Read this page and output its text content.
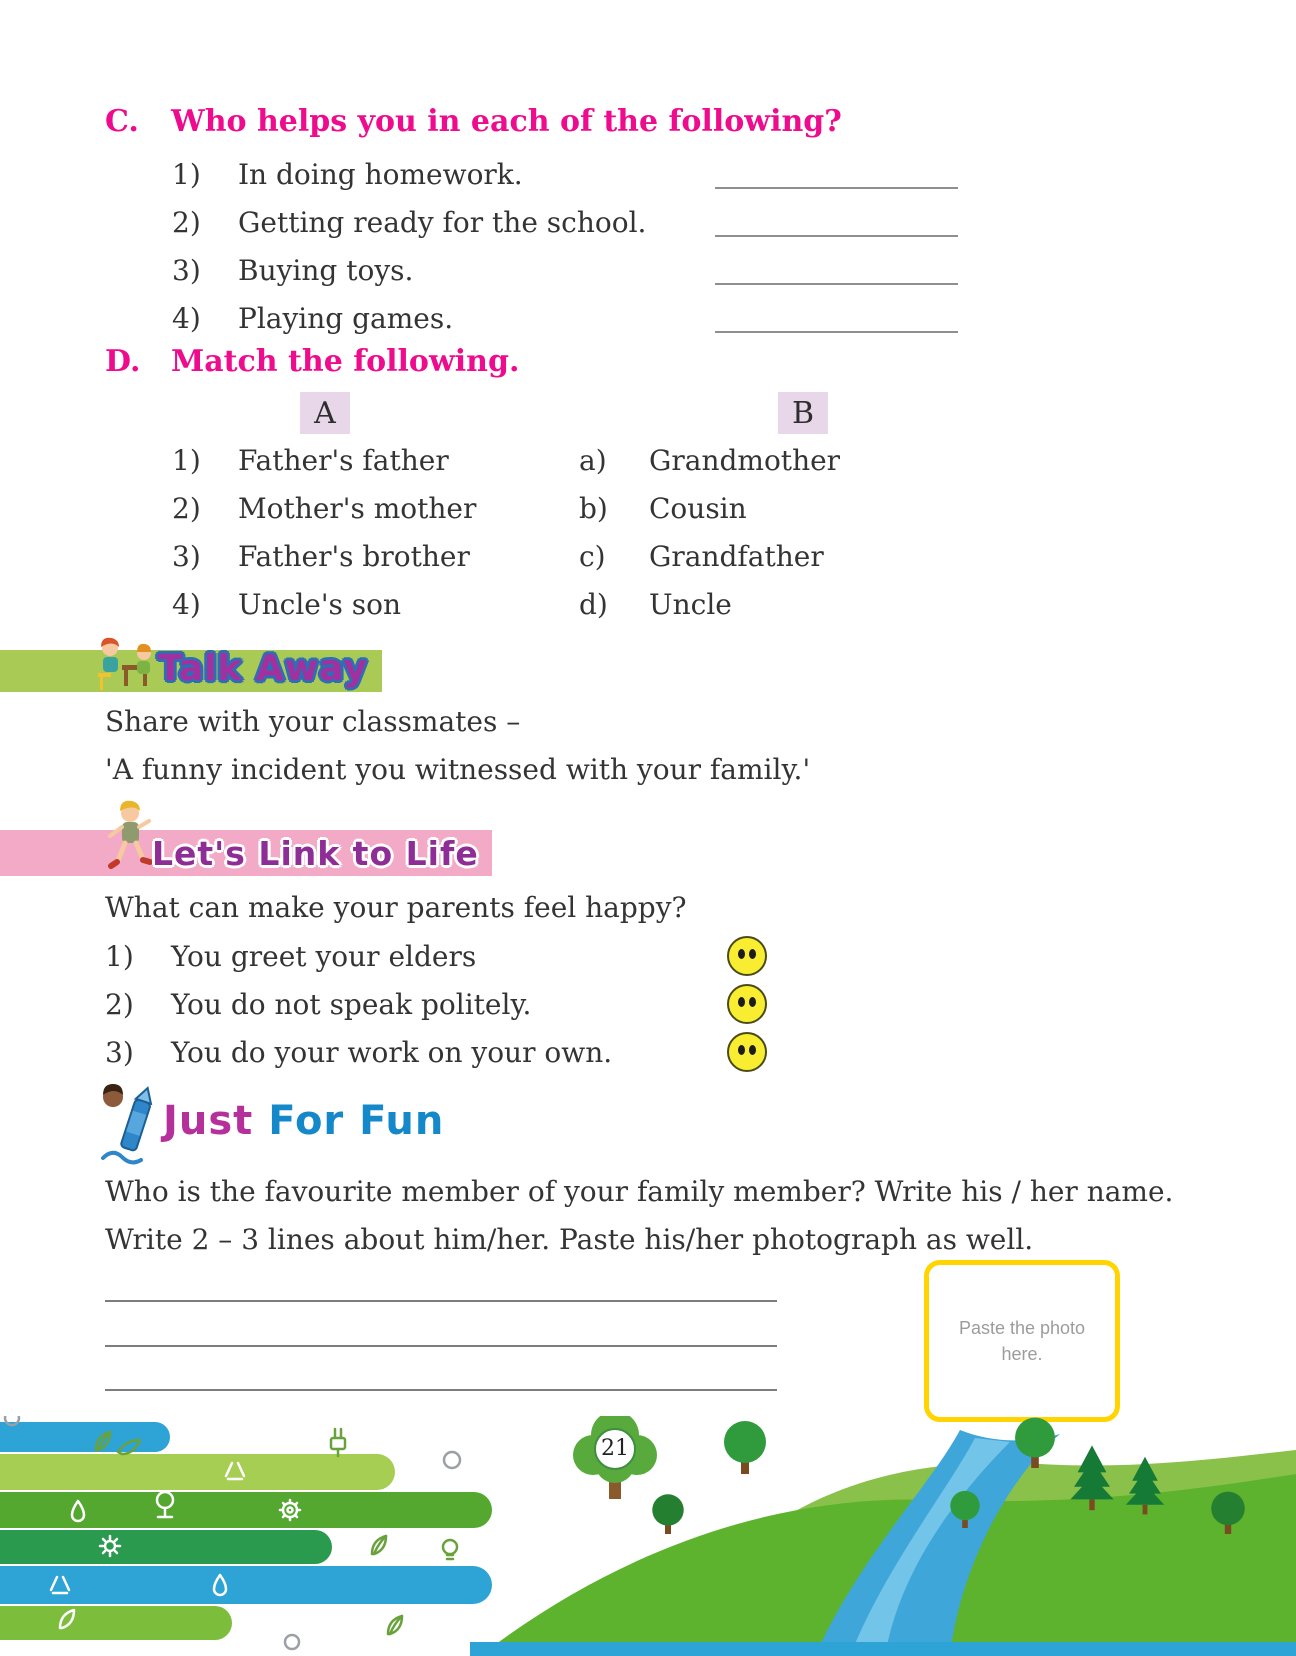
C.	Who helps you in each of the following?
1)	In doing homework.
2)	Getting ready for the school.
3)	Buying toys.
4)	Playing games.
D.	Match the following.
A	B
1)	Father's father	a)	Grandmother
2)	Mother's mother	b)	Cousin
3)	Father's brother	c)	Grandfather
4)	Uncle's son	d)	Uncle
Talk Away
Share with your classmates –
'A funny incident you witnessed with your family.'
Let's Link to Life
What can make your parents feel happy?
1)	You greet your elders
2)	You do not speak politely.
3)	You do your work on your own.
Just For Fun
Who is the favourite member of your family member? Write his / her name.
Write 2 – 3 lines about him/her. Paste his/her photograph as well.
Paste the photo here.
21
